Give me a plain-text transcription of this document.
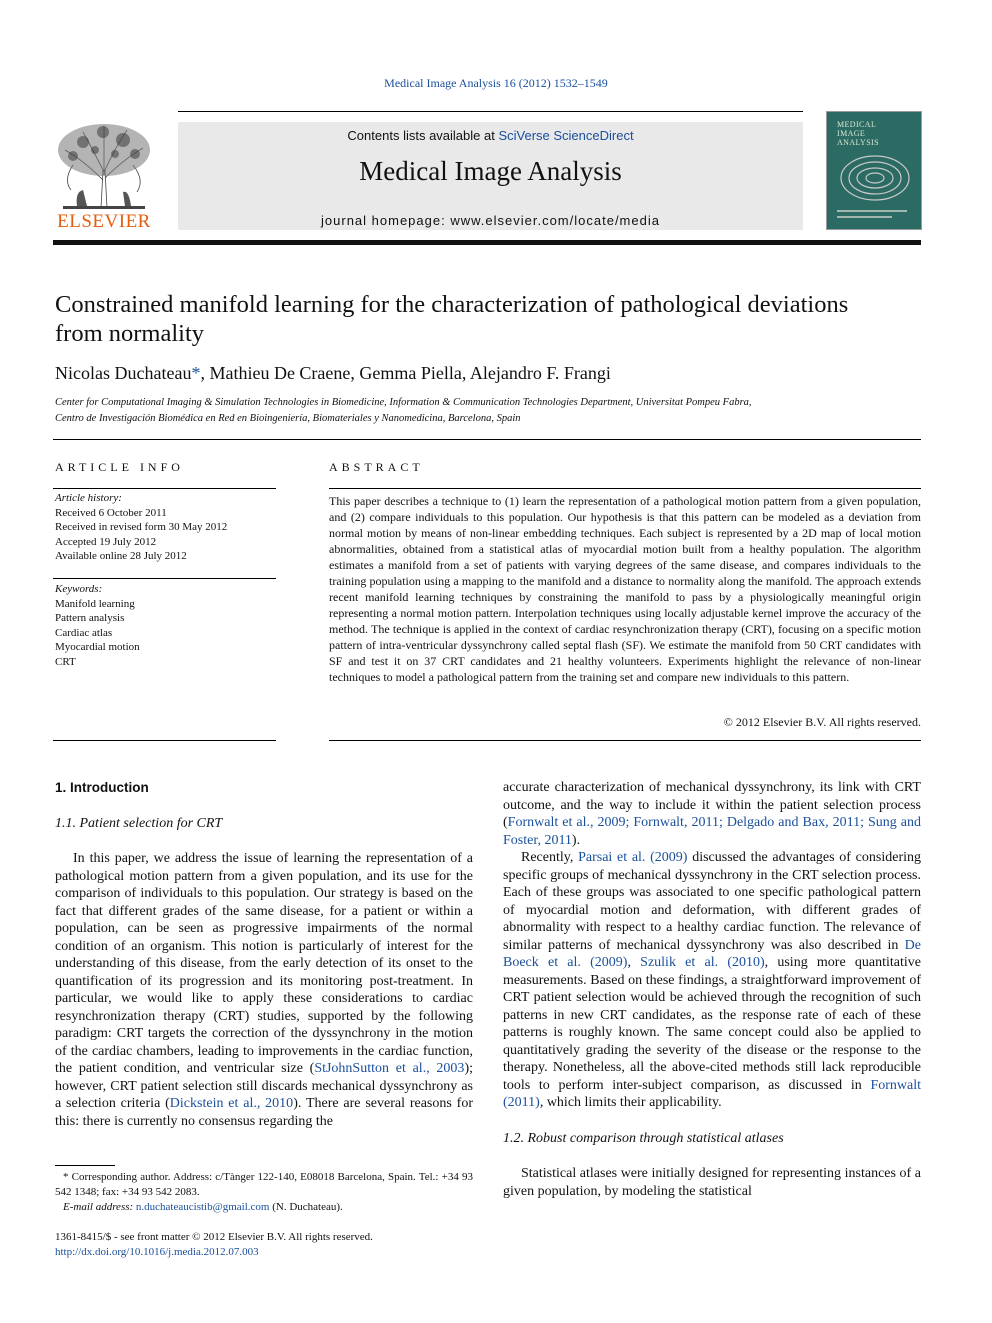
Medical Image Analysis 16 (2012) 1532–1549
ELSEVIER
Contents lists available at SciVerse ScienceDirect
Medical Image Analysis
journal homepage: www.elsevier.com/locate/media
MEDICAL IMAGE ANALYSIS
Constrained manifold learning for the characterization of pathological deviations
from normality
Nicolas Duchateau*, Mathieu De Craene, Gemma Piella, Alejandro F. Frangi
Center for Computational Imaging & Simulation Technologies in Biomedicine, Information & Communication Technologies Department, Universitat Pompeu Fabra,
Centro de Investigación Biomédica en Red en Bioingeniería, Biomateriales y Nanomedicina, Barcelona, Spain
ARTICLE INFO
Article history:
Received 6 October 2011
Received in revised form 30 May 2012
Accepted 19 July 2012
Available online 28 July 2012
Keywords:
Manifold learning
Pattern analysis
Cardiac atlas
Myocardial motion
CRT
ABSTRACT
This paper describes a technique to (1) learn the representation of a pathological motion pattern from a given population, and (2) compare individuals to this population. Our hypothesis is that this pattern can be modeled as a deviation from normal motion by means of non-linear embedding techniques. Each subject is represented by a 2D map of local motion abnormalities, obtained from a statistical atlas of myocardial motion built from a healthy population. The algorithm estimates a manifold from a set of patients with varying degrees of the same disease, and compares individuals to the training population using a mapping to the manifold and a distance to normality along the manifold. The approach extends recent manifold learning techniques by constraining the manifold to pass by a physiologically meaningful origin representing a normal motion pattern. Interpolation techniques using locally adjustable kernel improve the accuracy of the method. The technique is applied in the context of cardiac resynchronization therapy (CRT), focusing on a specific motion pattern of intra-ventricular dyssynchrony called septal flash (SF). We estimate the manifold from 50 CRT candidates with SF and test it on 37 CRT candidates and 21 healthy volunteers. Experiments highlight the relevance of non-linear techniques to model a pathological pattern from the training set and compare new individuals to this pattern.
© 2012 Elsevier B.V. All rights reserved.
1. Introduction
1.1. Patient selection for CRT

In this paper, we address the issue of learning the representation of a pathological motion pattern from a given population, and its use for the comparison of individuals to this population. Our strategy is based on the fact that different grades of the same disease, for a patient or within a population, can be seen as progressive impairments of the normal condition of an organism. This notion is particularly of interest for the understanding of this disease, from the early detection of its onset to the quantification of its progression and its monitoring post-treatment. In particular, we would like to apply these considerations to cardiac resynchronization therapy (CRT) studies, supported by the following paradigm: CRT targets the correction of the dyssynchrony in the motion of the cardiac chambers, leading to improvements in the cardiac function, the patient condition, and ventricular size (StJohnSutton et al., 2003); however, CRT patient selection still discards mechanical dyssynchrony as a selection criteria (Dickstein et al., 2010). There are several reasons for this: there is currently no consensus regarding the

* Corresponding author. Address: c/Tànger 122-140, E08018 Barcelona, Spain. Tel.: +34 93 542 1348; fax: +34 93 542 2083.
E-mail address: n.duchateaucistib@gmail.com (N. Duchateau).
1361-8415/$ - see front matter © 2012 Elsevier B.V. All rights reserved.
http://dx.doi.org/10.1016/j.media.2012.07.003

accurate characterization of mechanical dyssynchrony, its link with CRT outcome, and the way to include it within the patient selection process (Fornwalt et al., 2009; Fornwalt, 2011; Delgado and Bax, 2011; Sung and Foster, 2011).

Recently, Parsai et al. (2009) discussed the advantages of considering specific groups of mechanical dyssynchrony in the CRT selection process. Each of these groups was associated to one specific pathological pattern of myocardial motion and deformation, with different grades of abnormality with respect to a healthy cardiac function. The relevance of similar patterns of mechanical dyssynchrony was also described in De Boeck et al. (2009), Szulik et al. (2010), using more quantitative measurements. Based on these findings, a straightforward improvement of CRT patient selection would be achieved through the recognition of such patterns in new CRT candidates, as the response rate of each of these patterns is roughly known. The same concept could also be applied to quantitatively grading the severity of the disease or the response to the therapy. Nonetheless, all the above-cited methods still lack reproducible tools to perform inter-subject comparison, as discussed in Fornwalt (2011), which limits their applicability.

1.2. Robust comparison through statistical atlases

Statistical atlases were initially designed for representing instances of a given population, by modeling the statistical
